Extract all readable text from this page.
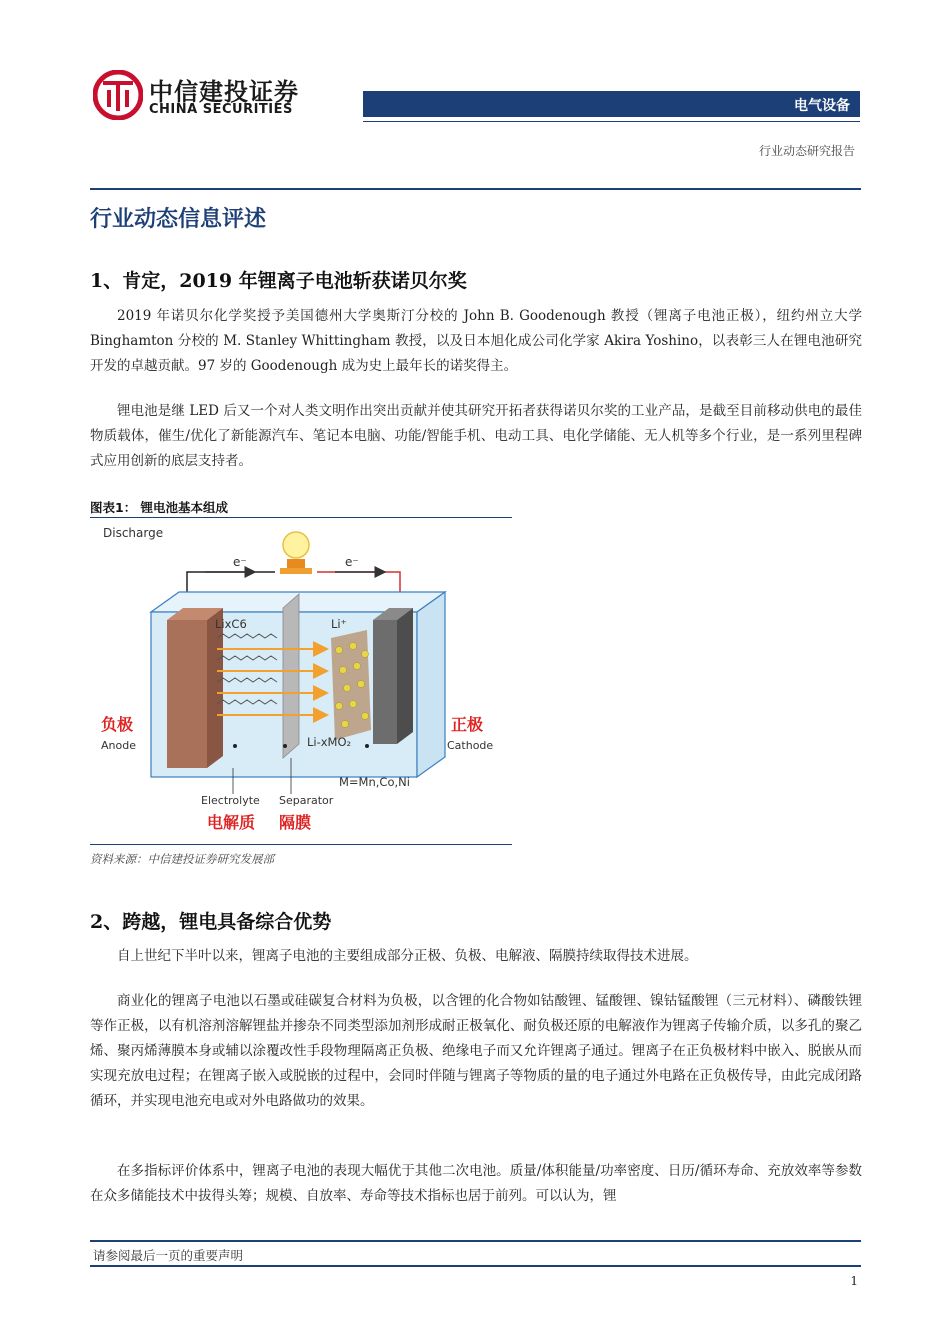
中信建投证券
CHINA SECURITIES	电气设备
行业动态研究报告
行业动态信息评述
1、肯定，2019 年锂离子电池斩获诺贝尔奖

2019 年诺贝尔化学奖授予美国德州大学奥斯汀分校的 John B. Goodenough 教授（锂离子电池正极），纽约州立大学 Binghamton 分校的 M. Stanley Whittingham 教授，以及日本旭化成公司化学家 Akira Yoshino，以表彰三人在锂电池研究开发的卓越贡献。97 岁的 Goodenough 成为史上最年长的诺奖得主。

锂电池是继 LED 后又一个对人类文明作出突出贡献并使其研究开拓者获得诺贝尔奖的工业产品，是截至目前移动供电的最佳物质载体，催生/优化了新能源汽车、笔记本电脑、功能/智能手机、电动工具、电化学储能、无人机等多个行业，是一系列里程碑式应用创新的底层支持者。

图表1： 锂电池基本组成
Discharge
e⁻	e⁻
LixC6	Li⁺
负极
Anode
正极
Cathode
Li-xMO₂
M=Mn,Co,Ni
Electrolyte Separator
电解质 隔膜
资料来源：中信建投证券研究发展部
2、跨越，锂电具备综合优势

自上世纪下半叶以来，锂离子电池的主要组成部分正极、负极、电解液、隔膜持续取得技术进展。

商业化的锂离子电池以石墨或硅碳复合材料为负极，以含锂的化合物如钴酸锂、锰酸锂、镍钴锰酸锂（三元材料）、磷酸铁锂等作正极，以有机溶剂溶解锂盐并掺杂不同类型添加剂形成耐正极氧化、耐负极还原的电解液作为锂离子传输介质，以多孔的聚乙烯、聚丙烯薄膜本身或辅以涂覆改性手段物理隔离正负极、绝缘电子而又允许锂离子通过。锂离子在正负极材料中嵌入、脱嵌从而实现充放电过程；在锂离子嵌入或脱嵌的过程中，会同时伴随与锂离子等物质的量的电子通过外电路在正负极传导，由此完成闭路循环，并实现电池充电或对外电路做功的效果。

在多指标评价体系中，锂离子电池的表现大幅优于其他二次电池。质量/体积能量/功率密度、日历/循环寿命、充放效率等参数在众多储能技术中拔得头筹；规模、自放率、寿命等技术指标也居于前列。可以认为，锂

请参阅最后一页的重要声明
1
